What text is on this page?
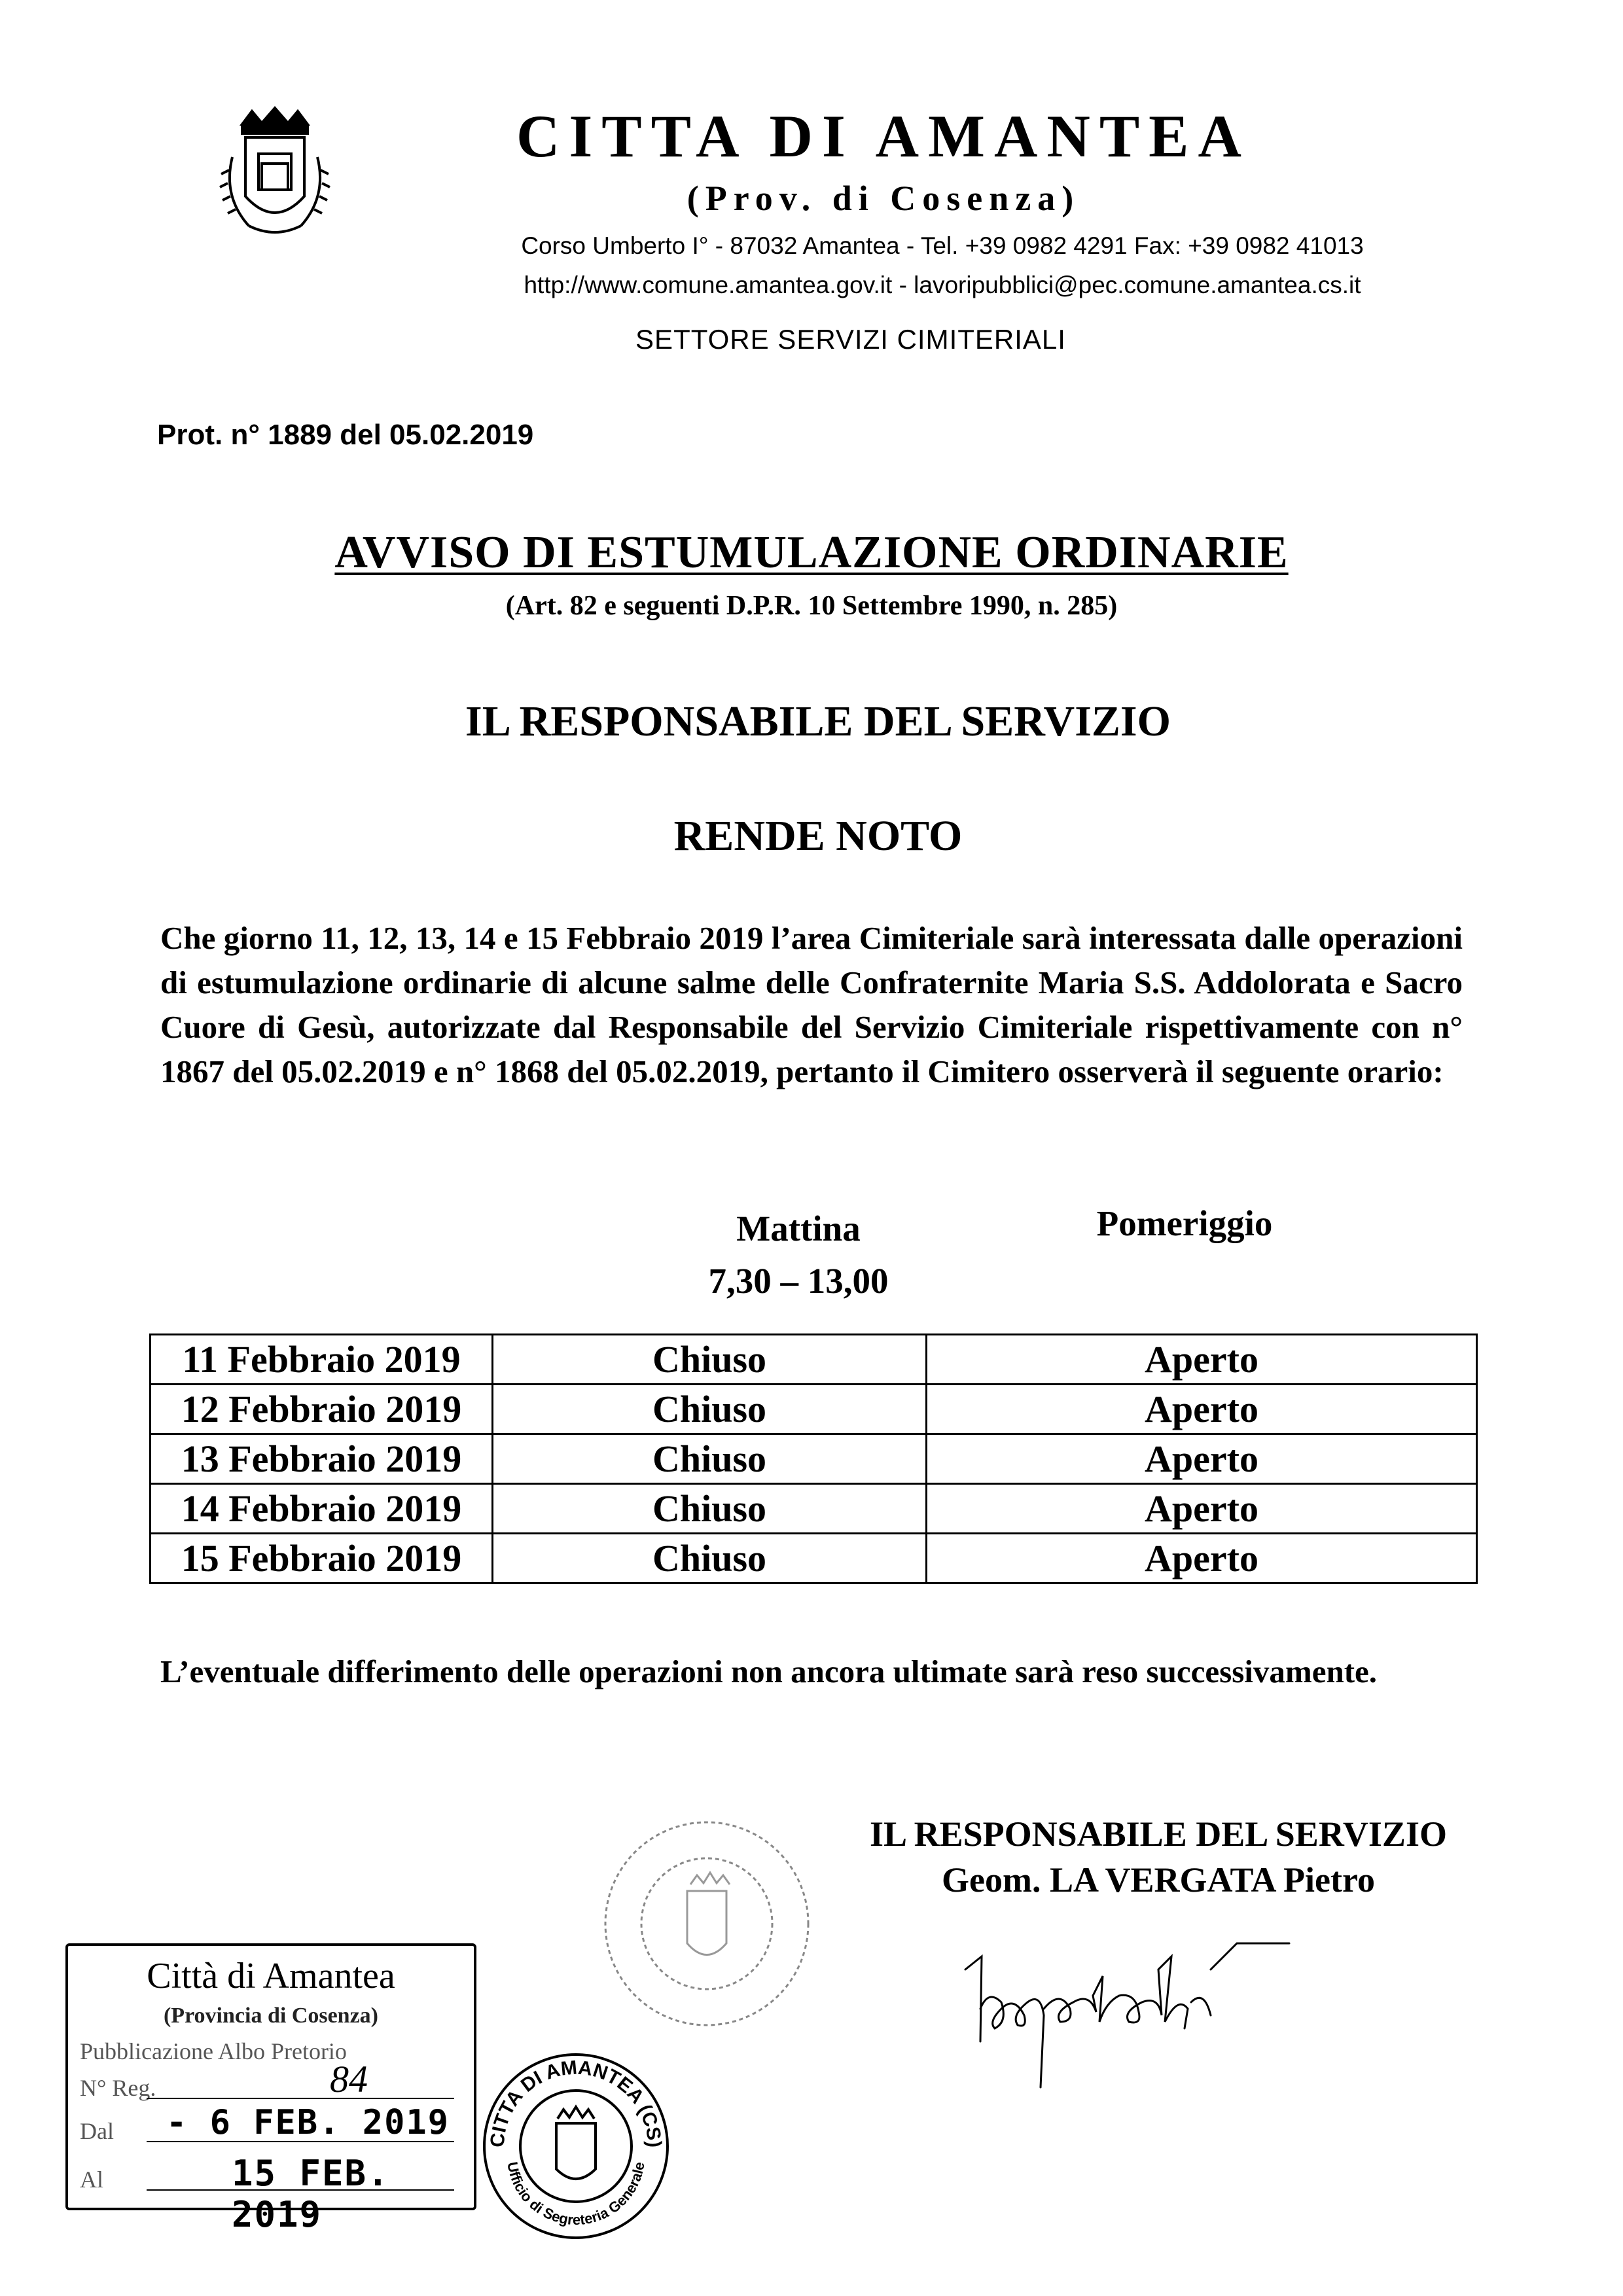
CITTA DI AMANTEA
(Prov. di Cosenza)
Corso Umberto I° - 87032 Amantea - Tel. +39 0982 4291 Fax: +39 0982 41013
http://www.comune.amantea.gov.it - lavoripubblici@pec.comune.amantea.cs.it
SETTORE SERVIZI CIMITERIALI
Prot. n° 1889 del 05.02.2019
AVVISO DI ESTUMULAZIONE ORDINARIE
(Art. 82 e seguenti D.P.R. 10 Settembre 1990, n. 285)
IL RESPONSABILE DEL SERVIZIO
RENDE NOTO
Che giorno 11, 12, 13, 14 e 15 Febbraio 2019 l’area Cimiteriale sarà interessata dalle operazioni di estumulazione ordinarie di alcune salme delle Confraternite Maria S.S. Addolorata e Sacro Cuore di Gesù, autorizzate dal Responsabile del Servizio Cimiteriale rispettivamente con n° 1867 del 05.02.2019 e n° 1868 del 05.02.2019, pertanto il Cimitero osserverà il seguente orario:
Mattina
7,30 – 13,00
Pomeriggio
11 Febbraio 2019	Chiuso	Aperto
12 Febbraio 2019	Chiuso	Aperto
13 Febbraio 2019	Chiuso	Aperto
14 Febbraio 2019	Chiuso	Aperto
15 Febbraio 2019	Chiuso	Aperto
L’eventuale differimento delle operazioni non ancora ultimate sarà reso successivamente.
IL RESPONSABILE DEL SERVIZIO
Geom. LA VERGATA Pietro
Città di Amantea
(Provincia di Cosenza)
Pubblicazione Albo Pretorio
N° Reg.	84
Dal - 6 FEB. 2019
Al	15 FEB. 2019
CITTA DI AMANTEA (CS)
Ufficio di Segreteria Generale
